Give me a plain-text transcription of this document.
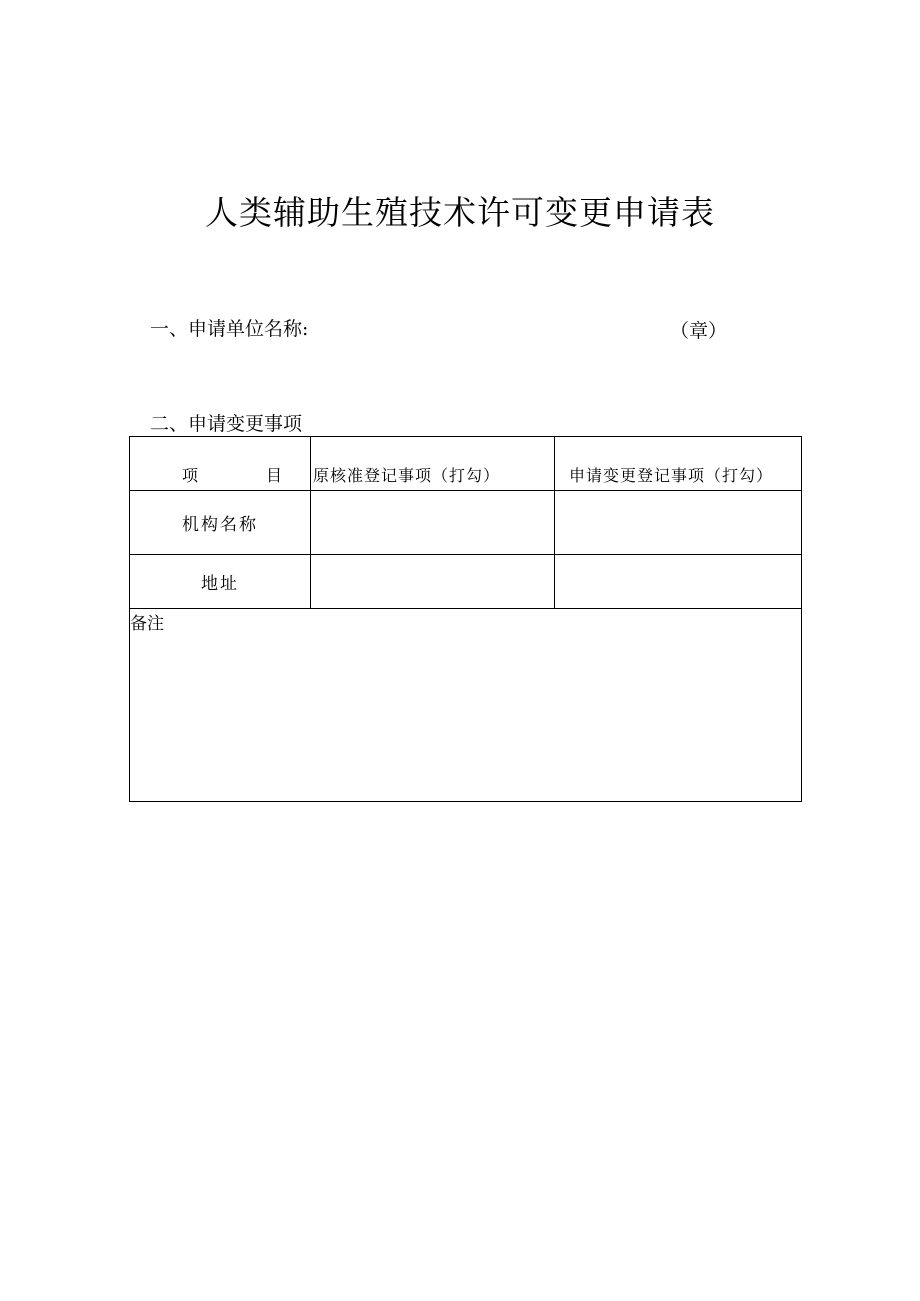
人类辅助生殖技术许可变更申请表
一、申请单位名称:	（章）
二、申请变更事项
项 目	原核准登记事项（打勾）	申请变更登记事项（打勾）

机构名称		
地址		
备注		
